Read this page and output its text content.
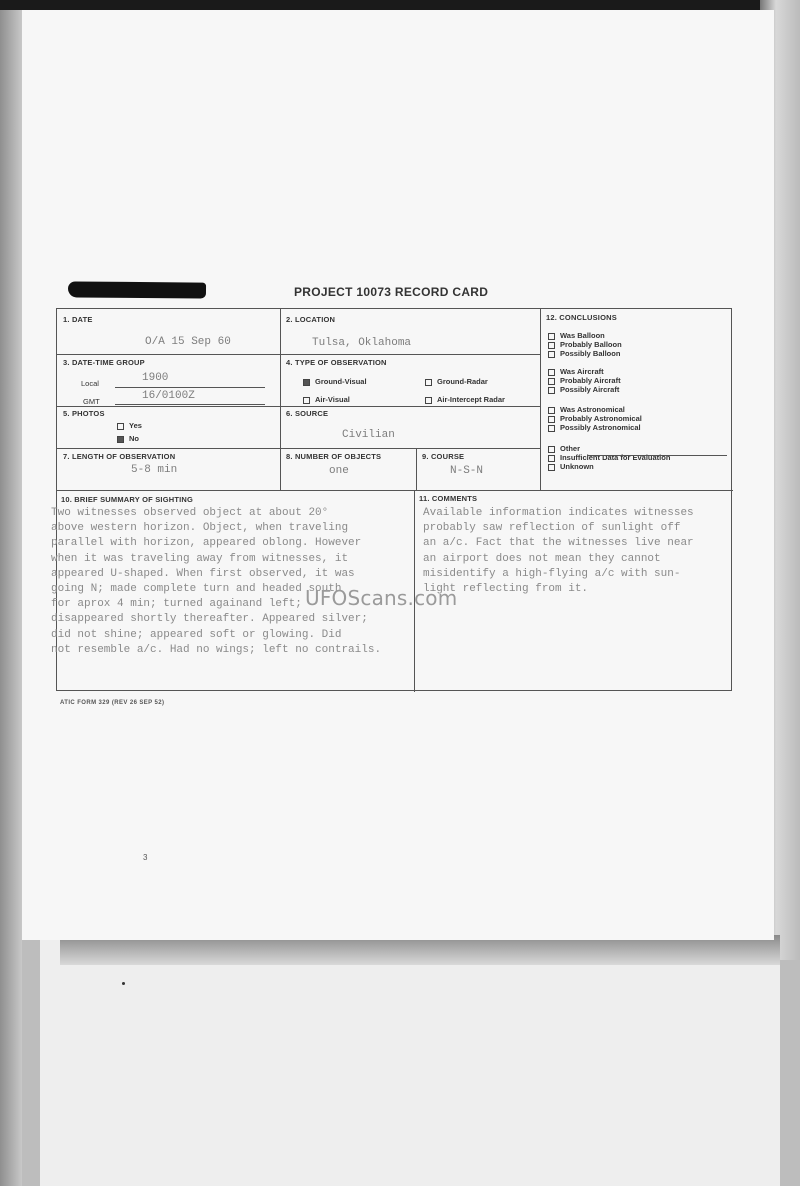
PROJECT 10073 RECORD CARD
1. DATE
O/A 15 Sep 60
2. LOCATION
Tulsa, Oklahoma
3. DATE-TIME GROUP
Local	1900
GMT	16/0100Z
4. TYPE OF OBSERVATION
Ground-Visual	Ground-Radar
Air-Visual	Air-Intercept Radar
5. PHOTOS
Yes
No
6. SOURCE
Civilian
7. LENGTH OF OBSERVATION
5-8 min
8. NUMBER OF OBJECTS
one
9. COURSE
N-S-N
12. CONCLUSIONS
Was Balloon
Probably Balloon
Possibly Balloon
Was Aircraft
Probably Aircraft
Possibly Aircraft
Was Astronomical
Probably Astronomical
Possibly Astronomical
Other
Insufficient Data for Evaluation
Unknown
10. BRIEF SUMMARY OF SIGHTING
Two witnesses observed object at about 20°
above western horizon. Object, when traveling
parallel with horizon, appeared oblong. However
when it was traveling away from witnesses, it
appeared U-shaped. When first observed, it was
going N; made complete turn and headed south
for aprox 4 min; turned againand left;
disappeared shortly thereafter. Appeared silver;
did not shine; appeared soft or glowing. Did
not resemble a/c. Had no wings; left no contrails.
11. COMMENTS
Available information indicates witnesses
probably saw reflection of sunlight off
an a/c. Fact that the witnesses live near
an airport does not mean they cannot
misidentify a high-flying a/c with sun-
light reflecting from it.
UFOScans.com
ATIC FORM 329 (REV 26 SEP 52)
3
